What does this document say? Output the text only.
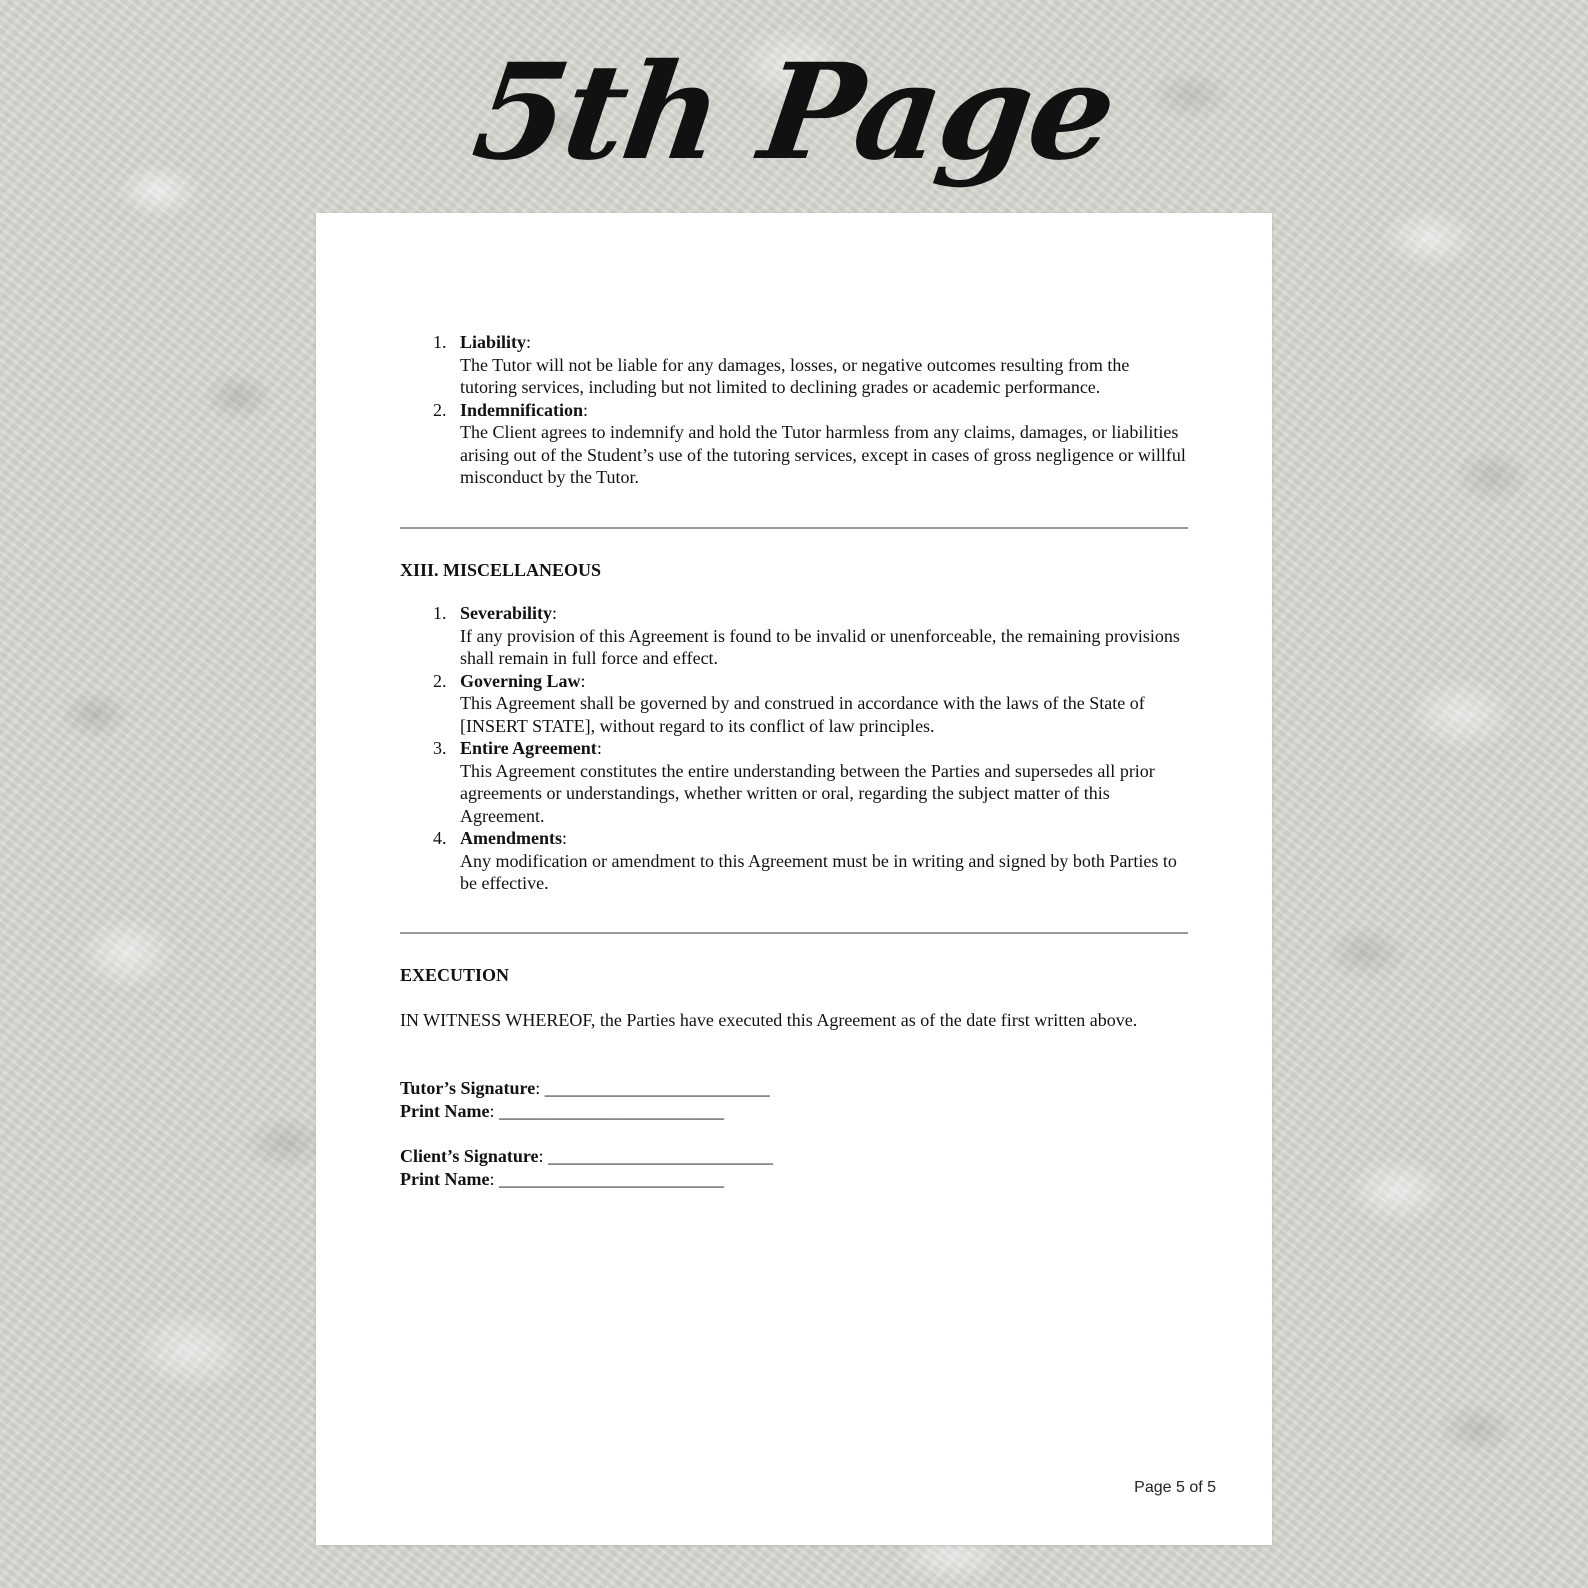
5th Page
1. Liability:
The Tutor will not be liable for any damages, losses, or negative outcomes resulting from the tutoring services, including but not limited to declining grades or academic performance.
2. Indemnification:
The Client agrees to indemnify and hold the Tutor harmless from any claims, damages, or liabilities arising out of the Student’s use of the tutoring services, except in cases of gross negligence or willful misconduct by the Tutor.
XIII. MISCELLANEOUS
1. Severability:
If any provision of this Agreement is found to be invalid or unenforceable, the remaining provisions shall remain in full force and effect.
2. Governing Law:
This Agreement shall be governed by and construed in accordance with the laws of the State of [INSERT STATE], without regard to its conflict of law principles.
3. Entire Agreement:
This Agreement constitutes the entire understanding between the Parties and supersedes all prior agreements or understandings, whether written or oral, regarding the subject matter of this Agreement.
4. Amendments:
Any modification or amendment to this Agreement must be in writing and signed by both Parties to be effective.
EXECUTION
IN WITNESS WHEREOF, the Parties have executed this Agreement as of the date first written above.
Tutor’s Signature: _________________________
Print Name: _________________________
Client’s Signature: _________________________
Print Name: _________________________
Page 5 of 5
